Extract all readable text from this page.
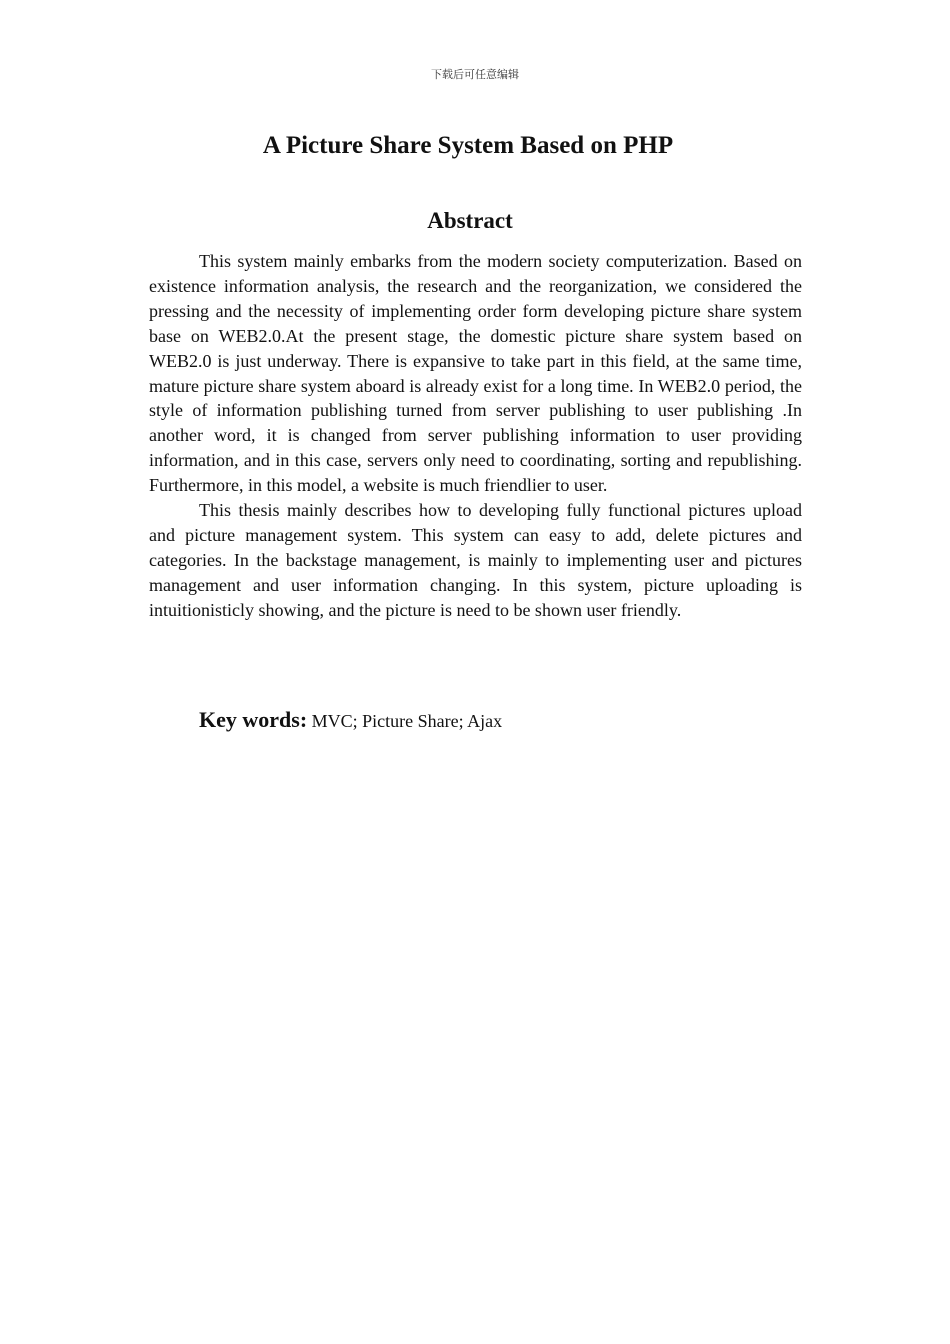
下载后可任意编辑
A Picture Share System Based on PHP
Abstract

This system mainly embarks from the modern society computerization. Based on existence information analysis, the research and the reorganization, we considered the pressing and the necessity of implementing order form developing picture share system base on WEB2.0.At the present stage, the domestic picture share system based on WEB2.0 is just underway. There is expansive to take part in this field, at the same time, mature picture share system aboard is already exist for a long time. In WEB2.0 period, the style of information publishing turned from server publishing to user publishing .In another word, it is changed from server publishing information to user providing information, and in this case, servers only need to coordinating, sorting and republishing. Furthermore, in this model, a website is much friendlier to user.

This thesis mainly describes how to developing fully functional pictures upload and picture management system. This system can easy to add, delete pictures and categories. In the backstage management, is mainly to implementing user and pictures management and user information changing. In this system, picture uploading is intuitionisticly showing, and the picture is need to be shown user friendly.

Key words: MVC; Picture Share; Ajax
